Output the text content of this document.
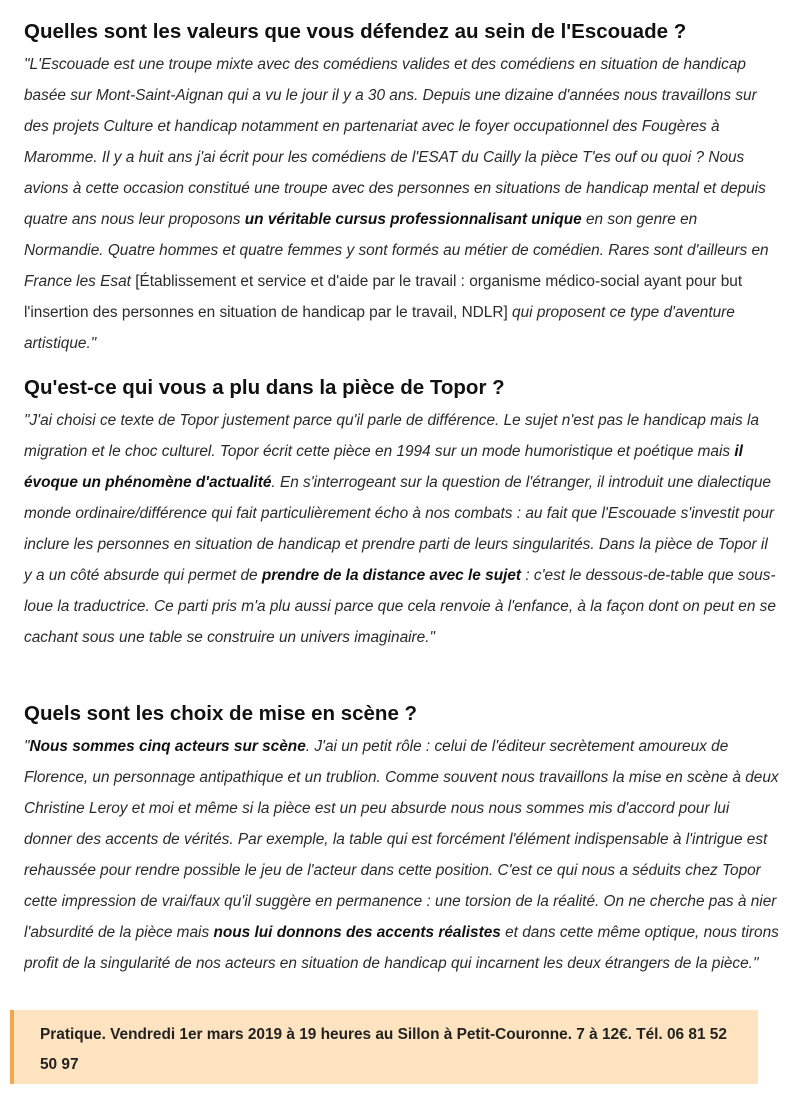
Quelles sont les valeurs que vous défendez au sein de l'Escouade ?

"L'Escouade est une troupe mixte avec des comédiens valides et des comédiens en situation de handicap basée sur Mont-Saint-Aignan qui a vu le jour il y a 30 ans. Depuis une dizaine d'années nous travaillons sur des projets Culture et handicap notamment en partenariat avec le foyer occupationnel des Fougères à Maromme. Il y a huit ans j'ai écrit pour les comédiens de l'ESAT du Cailly la pièce T'es ouf ou quoi ? Nous avions à cette occasion constitué une troupe avec des personnes en situations de handicap mental et depuis quatre ans nous leur proposons un véritable cursus professionnalisant unique en son genre en Normandie. Quatre hommes et quatre femmes y sont formés au métier de comédien. Rares sont d'ailleurs en France les Esat [Établissement et service et d'aide par le travail : organisme médico-social ayant pour but l'insertion des personnes en situation de handicap par le travail, NDLR] qui proposent ce type d'aventure artistique."

Qu'est-ce qui vous a plu dans la pièce de Topor ?

"J'ai choisi ce texte de Topor justement parce qu'il parle de différence. Le sujet n'est pas le handicap mais la migration et le choc culturel. Topor écrit cette pièce en 1994 sur un mode humoristique et poétique mais il évoque un phénomène d'actualité. En s'interrogeant sur la question de l'étranger, il introduit une dialectique monde ordinaire/différence qui fait particulièrement écho à nos combats : au fait que l'Escouade s'investit pour inclure les personnes en situation de handicap et prendre parti de leurs singularités. Dans la pièce de Topor il y a un côté absurde qui permet de prendre de la distance avec le sujet : c'est le dessous-de-table que sous-loue la traductrice. Ce parti pris m'a plu aussi parce que cela renvoie à l'enfance, à la façon dont on peut en se cachant sous une table se construire un univers imaginaire."

Quels sont les choix de mise en scène ?

"Nous sommes cinq acteurs sur scène. J'ai un petit rôle : celui de l'éditeur secrètement amoureux de Florence, un personnage antipathique et un trublion. Comme souvent nous travaillons la mise en scène à deux Christine Leroy et moi et même si la pièce est un peu absurde nous nous sommes mis d'accord pour lui donner des accents de vérités. Par exemple, la table qui est forcément l'élément indispensable à l'intrigue est rehaussée pour rendre possible le jeu de l'acteur dans cette position. C'est ce qui nous a séduits chez Topor cette impression de vrai/faux qu'il suggère en permanence : une torsion de la réalité. On ne cherche pas à nier l'absurdité de la pièce mais nous lui donnons des accents réalistes et dans cette même optique, nous tirons profit de la singularité de nos acteurs en situation de handicap qui incarnent les deux étrangers de la pièce."

Pratique. Vendredi 1er mars 2019 à 19 heures au Sillon à Petit-Couronne. 7 à 12€. Tél. 06 81 52 50 97
